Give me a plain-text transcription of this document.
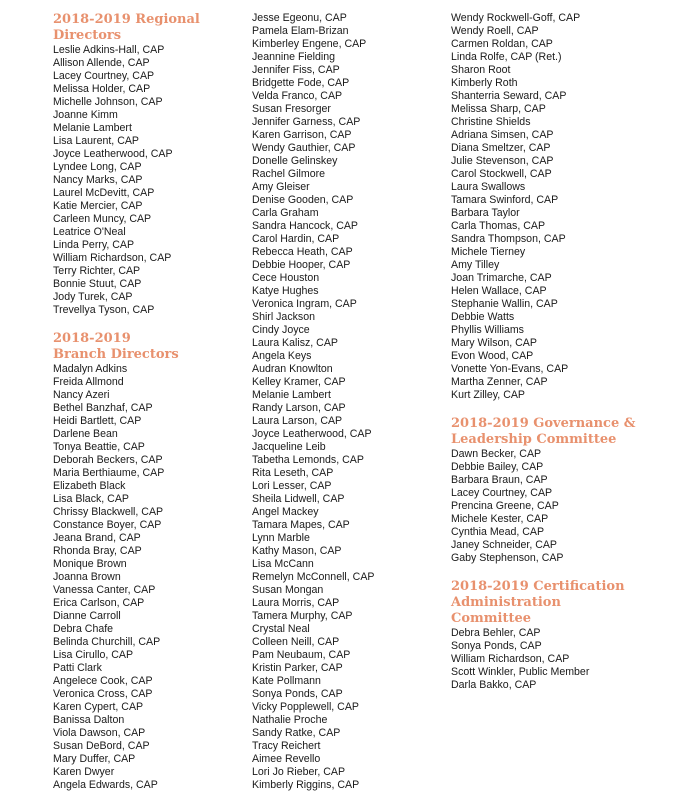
2018-2019 Regional
Directors
Leslie Adkins-Hall, CAP
Allison Allende, CAP
Lacey Courtney, CAP
Melissa Holder, CAP
Michelle Johnson, CAP
Joanne Kimm
Melanie Lambert
Lisa Laurent, CAP
Joyce Leatherwood, CAP
Lyndee Long, CAP
Nancy Marks, CAP
Laurel McDevitt, CAP
Katie Mercier, CAP
Carleen Muncy, CAP
Leatrice O'Neal
Linda Perry, CAP
William Richardson, CAP
Terry Richter, CAP
Bonnie Stuut, CAP
Jody Turek, CAP
Trevellya Tyson, CAP
2018-2019
Branch Directors
Madalyn Adkins
Freida Allmond
Nancy Azeri
Bethel Banzhaf, CAP
Heidi Bartlett, CAP
Darlene Bean
Tonya Beattie, CAP
Deborah Beckers, CAP
Maria Berthiaume, CAP
Elizabeth Black
Lisa Black, CAP
Chrissy Blackwell, CAP
Constance Boyer, CAP
Jeana Brand, CAP
Rhonda Bray, CAP
Monique Brown
Joanna Brown
Vanessa Canter, CAP
Erica Carlson, CAP
Dianne Carroll
Debra Chafe
Belinda Churchill, CAP
Lisa Cirullo, CAP
Patti Clark
Angelece Cook, CAP
Veronica Cross, CAP
Karen Cypert, CAP
Banissa Dalton
Viola Dawson, CAP
Susan DeBord, CAP
Mary Duffer, CAP
Karen Dwyer
Angela Edwards, CAP
Jesse Egeonu, CAP
Pamela Elam-Brizan
Kimberley Engene, CAP
Jeannine Fielding
Jennifer Fiss, CAP
Bridgette Fode, CAP
Velda Franco, CAP
Susan Fresorger
Jennifer Garness, CAP
Karen Garrison, CAP
Wendy Gauthier, CAP
Donelle Gelinskey
Rachel Gilmore
Amy Gleiser
Denise Gooden, CAP
Carla Graham
Sandra Hancock, CAP
Carol Hardin, CAP
Rebecca Heath, CAP
Debbie Hooper, CAP
Cece Houston
Katye Hughes
Veronica Ingram, CAP
Shirl Jackson
Cindy Joyce
Laura Kalisz, CAP
Angela Keys
Audran Knowlton
Kelley Kramer, CAP
Melanie Lambert
Randy Larson, CAP
Laura Larson, CAP
Joyce Leatherwood, CAP
Jacqueline Leib
Tabetha Lemonds, CAP
Rita Leseth, CAP
Lori Lesser, CAP
Sheila Lidwell, CAP
Angel Mackey
Tamara Mapes, CAP
Lynn Marble
Kathy Mason, CAP
Lisa McCann
Remelyn McConnell, CAP
Susan Mongan
Laura Morris, CAP
Tamera Murphy, CAP
Crystal Neal
Colleen Neill, CAP
Pam Neubaum, CAP
Kristin Parker, CAP
Kate Pollmann
Sonya Ponds, CAP
Vicky Popplewell, CAP
Nathalie Proche
Sandy Ratke, CAP
Tracy Reichert
Aimee Revello
Lori Jo Rieber, CAP
Kimberly Riggins, CAP
Wendy Rockwell-Goff, CAP
Wendy Roell, CAP
Carmen Roldan, CAP
Linda Rolfe, CAP (Ret.)
Sharon Root
Kimberly Roth
Shanterria Seward, CAP
Melissa Sharp, CAP
Christine Shields
Adriana Simsen, CAP
Diana Smeltzer, CAP
Julie Stevenson, CAP
Carol Stockwell, CAP
Laura Swallows
Tamara Swinford, CAP
Barbara Taylor
Carla Thomas, CAP
Sandra Thompson, CAP
Michele Tierney
Amy Tilley
Joan Trimarche, CAP
Helen Wallace, CAP
Stephanie Wallin, CAP
Debbie Watts
Phyllis Williams
Mary Wilson, CAP
Evon Wood, CAP
Vonette Yon-Evans, CAP
Martha Zenner, CAP
Kurt Zilley, CAP
2018-2019 Governance &
Leadership Committee
Dawn Becker, CAP
Debbie Bailey, CAP
Barbara Braun, CAP
Lacey Courtney, CAP
Prencina Greene, CAP
Michele Kester, CAP
Cynthia Mead, CAP
Janey Schneider, CAP
Gaby Stephenson, CAP
2018-2019 Certification
Administration
Committee
Debra Behler, CAP
Sonya Ponds, CAP
William Richardson, CAP
Scott Winkler, Public Member
Darla Bakko, CAP
